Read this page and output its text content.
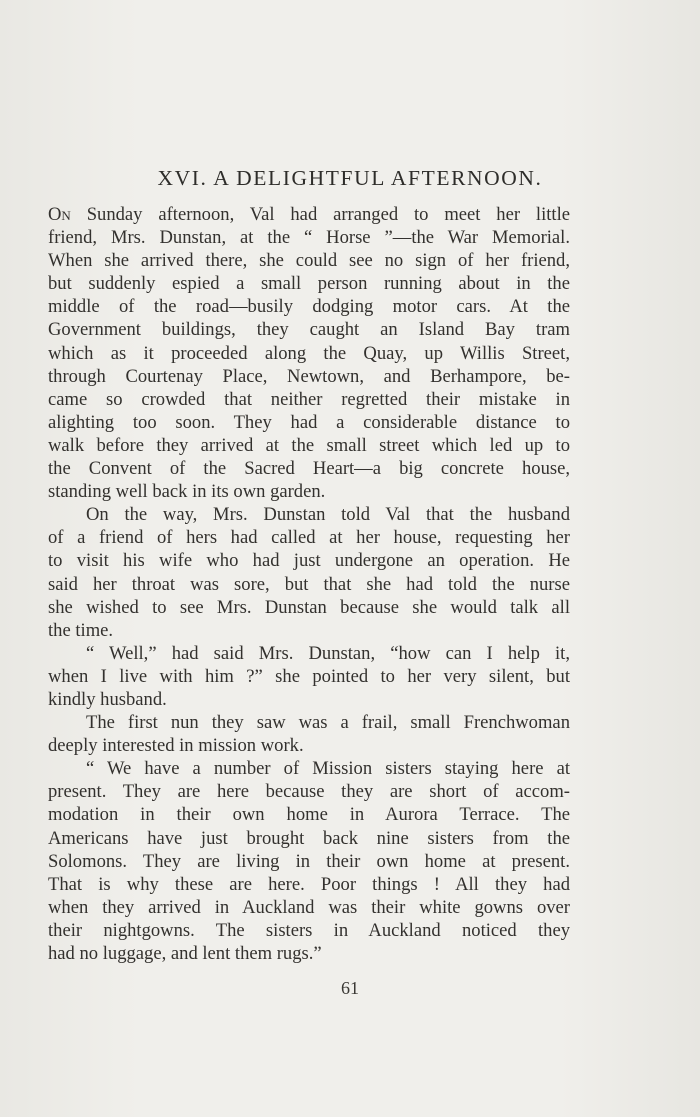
XVI. A DELIGHTFUL AFTERNOON.

On Sunday afternoon, Val had arranged to meet her little
friend, Mrs. Dunstan, at the “ Horse ”—the War Memorial.
When she arrived there, she could see no sign of her friend,
but suddenly espied a small person running about in the
middle of the road—busily dodging motor cars. At the
Government buildings, they caught an Island Bay tram
which as it proceeded along the Quay, up Willis Street,
through Courtenay Place, Newtown, and Berhampore, be-
came so crowded that neither regretted their mistake in
alighting too soon. They had a considerable distance to
walk before they arrived at the small street which led up to
the Convent of the Sacred Heart—a big concrete house,
standing well back in its own garden.

On the way, Mrs. Dunstan told Val that the husband
of a friend of hers had called at her house, requesting her
to visit his wife who had just undergone an operation. He
said her throat was sore, but that she had told the nurse
she wished to see Mrs. Dunstan because she would talk all
the time.

“ Well,” had said Mrs. Dunstan, “how can I help it,
when I live with him ?” she pointed to her very silent, but
kindly husband.

The first nun they saw was a frail, small Frenchwoman
deeply interested in mission work.

“ We have a number of Mission sisters staying here at
present. They are here because they are short of accom-
modation in their own home in Aurora Terrace. The
Americans have just brought back nine sisters from the
Solomons. They are living in their own home at present.
That is why these are here. Poor things ! All they had
when they arrived in Auckland was their white gowns over
their nightgowns. The sisters in Auckland noticed they
had no luggage, and lent them rugs.”

61
